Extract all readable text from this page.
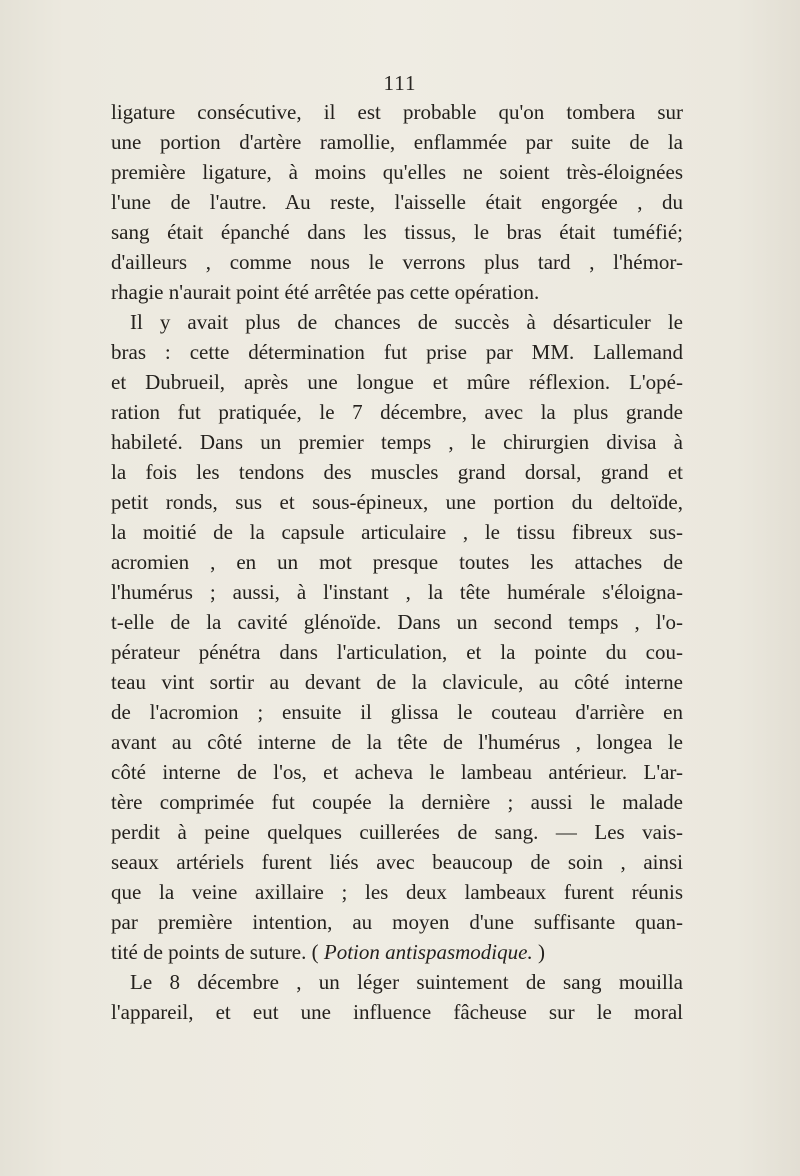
111
ligature consécutive, il est probable qu'on tombera sur
une portion d'artère ramollie, enflammée par suite de la
première ligature, à moins qu'elles ne soient très-éloignées
l'une de l'autre. Au reste, l'aisselle était engorgée , du
sang était épanché dans les tissus, le bras était tuméfié;
d'ailleurs , comme nous le verrons plus tard , l'hémor-
rhagie n'aurait point été arrêtée pas cette opération.
Il y avait plus de chances de succès à désarticuler le
bras : cette détermination fut prise par MM. Lallemand
et Dubrueil, après une longue et mûre réflexion. L'opé-
ration fut pratiquée, le 7 décembre, avec la plus grande
habileté. Dans un premier temps , le chirurgien divisa à
la fois les tendons des muscles grand dorsal, grand et
petit ronds, sus et sous-épineux, une portion du deltoïde,
la moitié de la capsule articulaire , le tissu fibreux sus-
acromien , en un mot presque toutes les attaches de
l'humérus ; aussi, à l'instant , la tête humérale s'éloigna-
t-elle de la cavité glénoïde. Dans un second temps , l'o-
pérateur pénétra dans l'articulation, et la pointe du cou-
teau vint sortir au devant de la clavicule, au côté interne
de l'acromion ; ensuite il glissa le couteau d'arrière en
avant au côté interne de la tête de l'humérus , longea le
côté interne de l'os, et acheva le lambeau antérieur. L'ar-
tère comprimée fut coupée la dernière ; aussi le malade
perdit à peine quelques cuillerées de sang. — Les vais-
seaux artériels furent liés avec beaucoup de soin , ainsi
que la veine axillaire ; les deux lambeaux furent réunis
par première intention, au moyen d'une suffisante quan-
tité de points de suture. ( Potion antispasmodique. )
Le 8 décembre , un léger suintement de sang mouilla
l'appareil, et eut une influence fâcheuse sur le moral
